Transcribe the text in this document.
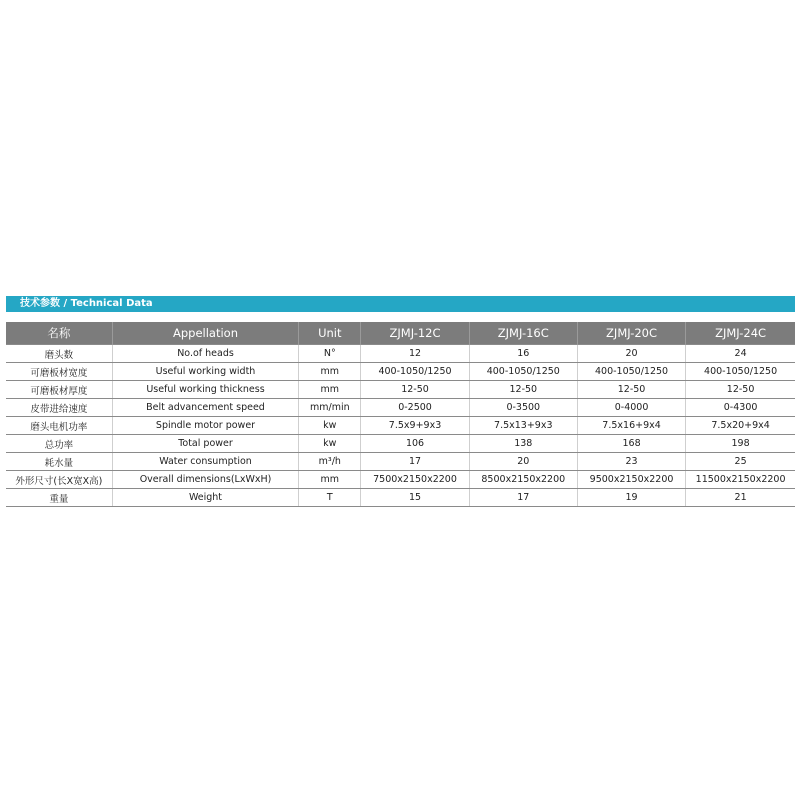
技术参数 / Technical Data
名称	Appellation	Unit	ZJMJ-12C	ZJMJ-16C	ZJMJ-20C	ZJMJ-24C
磨头数	No.of heads	N°	12	16	20	24
可磨板材宽度	Useful working width	mm	400-1050/1250	400-1050/1250	400-1050/1250	400-1050/1250
可磨板材厚度	Useful working thickness	mm	12-50	12-50	12-50	12-50
皮带进给速度	Belt advancement speed	mm/min	0-2500	0-3500	0-4000	0-4300
磨头电机功率	Spindle motor power	kw	7.5x9+9x3	7.5x13+9x3	7.5x16+9x4	7.5x20+9x4
总功率	Total power	kw	106	138	168	198
耗水量	Water consumption	m³/h	17	20	23	25
外形尺寸(长X宽X高)	Overall dimensions(LxWxH)	mm	7500x2150x2200	8500x2150x2200	9500x2150x2200	11500x2150x2200
重量	Weight	T	15	17	19	21
